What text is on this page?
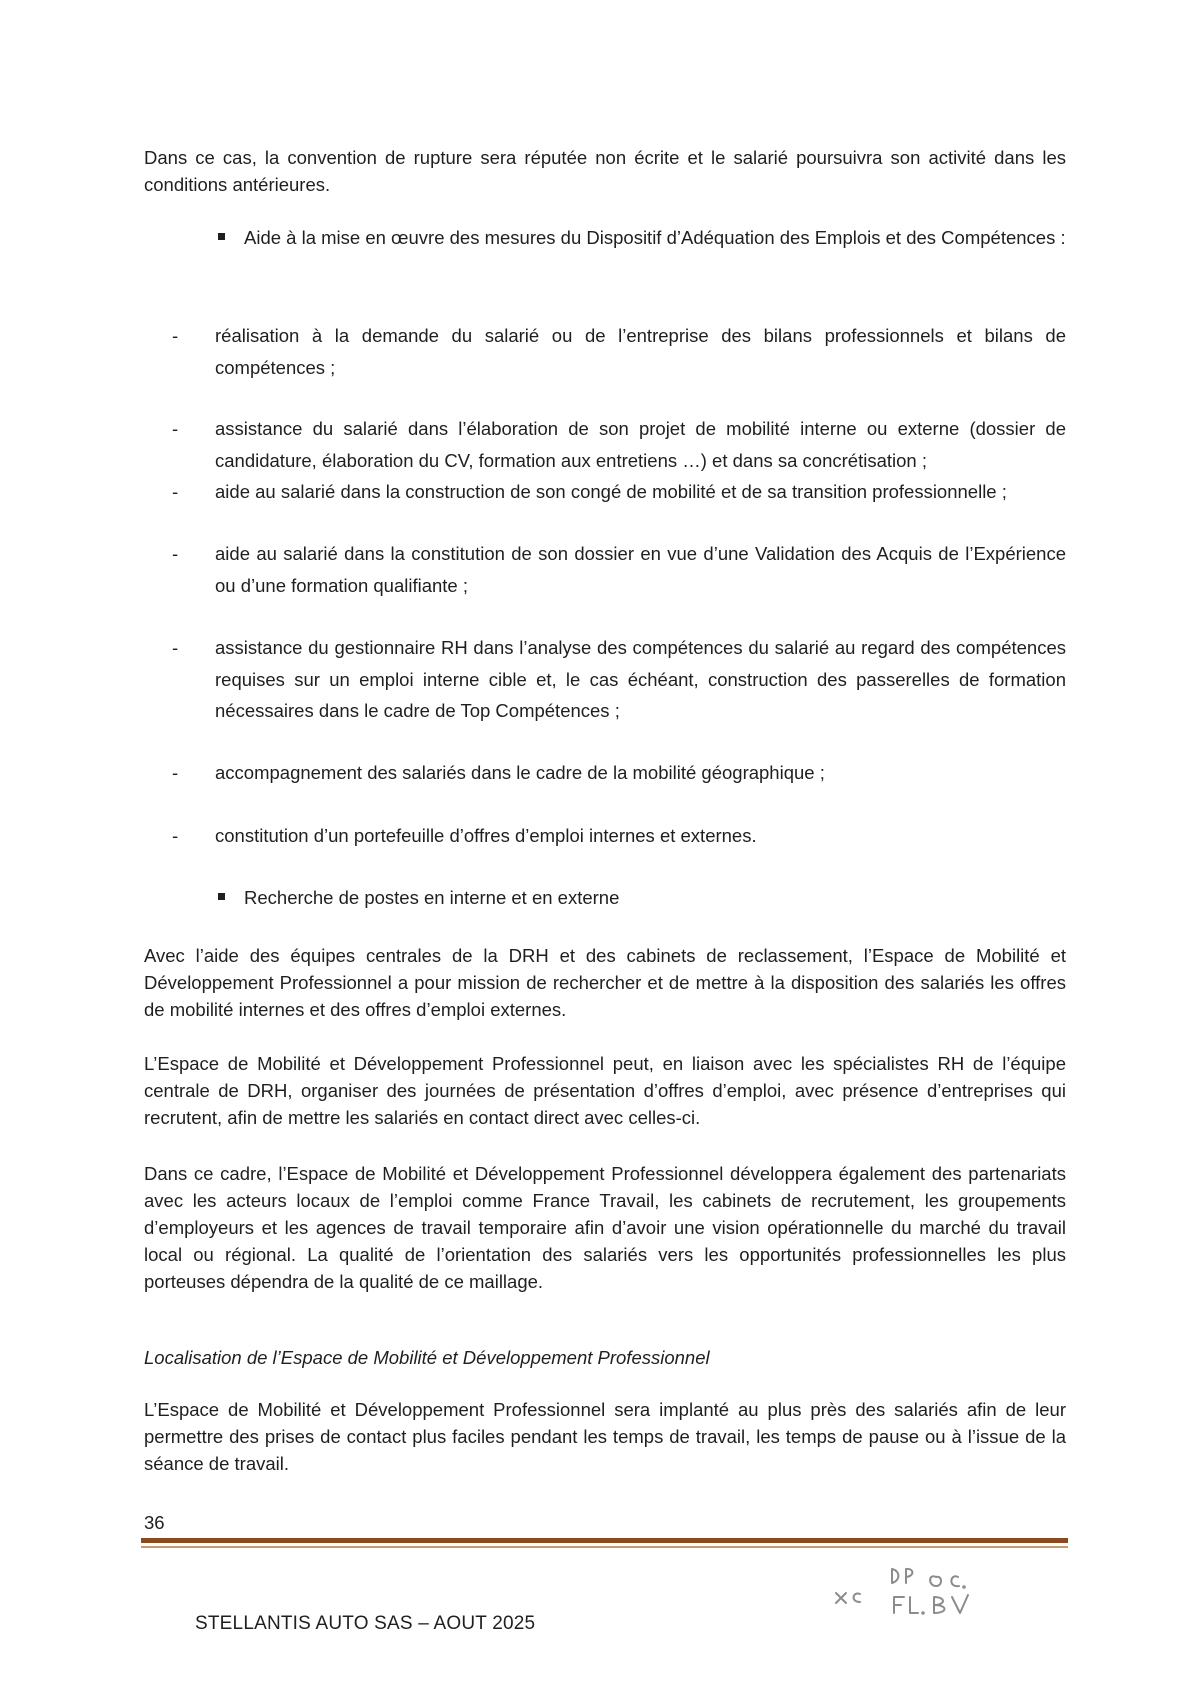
Dans ce cas, la convention de rupture sera réputée non écrite et le salarié poursuivra son activité dans les conditions antérieures.

Aide à la mise en œuvre des mesures du Dispositif d’Adéquation des Emplois et des Compétences :
-	réalisation à la demande du salarié ou de l’entreprise des bilans professionnels et bilans de compétences ;
-	assistance du salarié dans l’élaboration de son projet de mobilité interne ou externe (dossier de candidature, élaboration du CV, formation aux entretiens …) et dans sa concrétisation ;
-	aide au salarié dans la construction de son congé de mobilité et de sa transition professionnelle ;
-	aide au salarié dans la constitution de son dossier en vue d’une Validation des Acquis de l’Expérience ou d’une formation qualifiante ;
-	assistance du gestionnaire RH dans l’analyse des compétences du salarié au regard des compétences requises sur un emploi interne cible et, le cas échéant, construction des passerelles de formation nécessaires dans le cadre de Top Compétences ;
-	accompagnement des salariés dans le cadre de la mobilité géographique ;
-	constitution d’un portefeuille d’offres d’emploi internes et externes.
Recherche de postes en interne et en externe

Avec l’aide des équipes centrales de la DRH et des cabinets de reclassement, l’Espace de Mobilité et Développement Professionnel a pour mission de rechercher et de mettre à la disposition des salariés les offres de mobilité internes et des offres d’emploi externes.

L’Espace de Mobilité et Développement Professionnel peut, en liaison avec les spécialistes RH de l’équipe centrale de DRH, organiser des journées de présentation d’offres d’emploi, avec présence d’entreprises qui recrutent, afin de mettre les salariés en contact direct avec celles-ci.

Dans ce cadre, l’Espace de Mobilité et Développement Professionnel développera également des partenariats avec les acteurs locaux de l’emploi comme France Travail, les cabinets de recrutement, les groupements d’employeurs et les agences de travail temporaire afin d’avoir une vision opérationnelle du marché du travail local ou régional. La qualité de l’orientation des salariés vers les opportunités professionnelles les plus porteuses dépendra de la qualité de ce maillage.

Localisation de l’Espace de Mobilité et Développement Professionnel

L’Espace de Mobilité et Développement Professionnel sera implanté au plus près des salariés afin de leur permettre des prises de contact plus faciles pendant les temps de travail, les temps de pause ou à l’issue de la séance de travail.

36
STELLANTIS AUTO SAS – AOUT 2025
